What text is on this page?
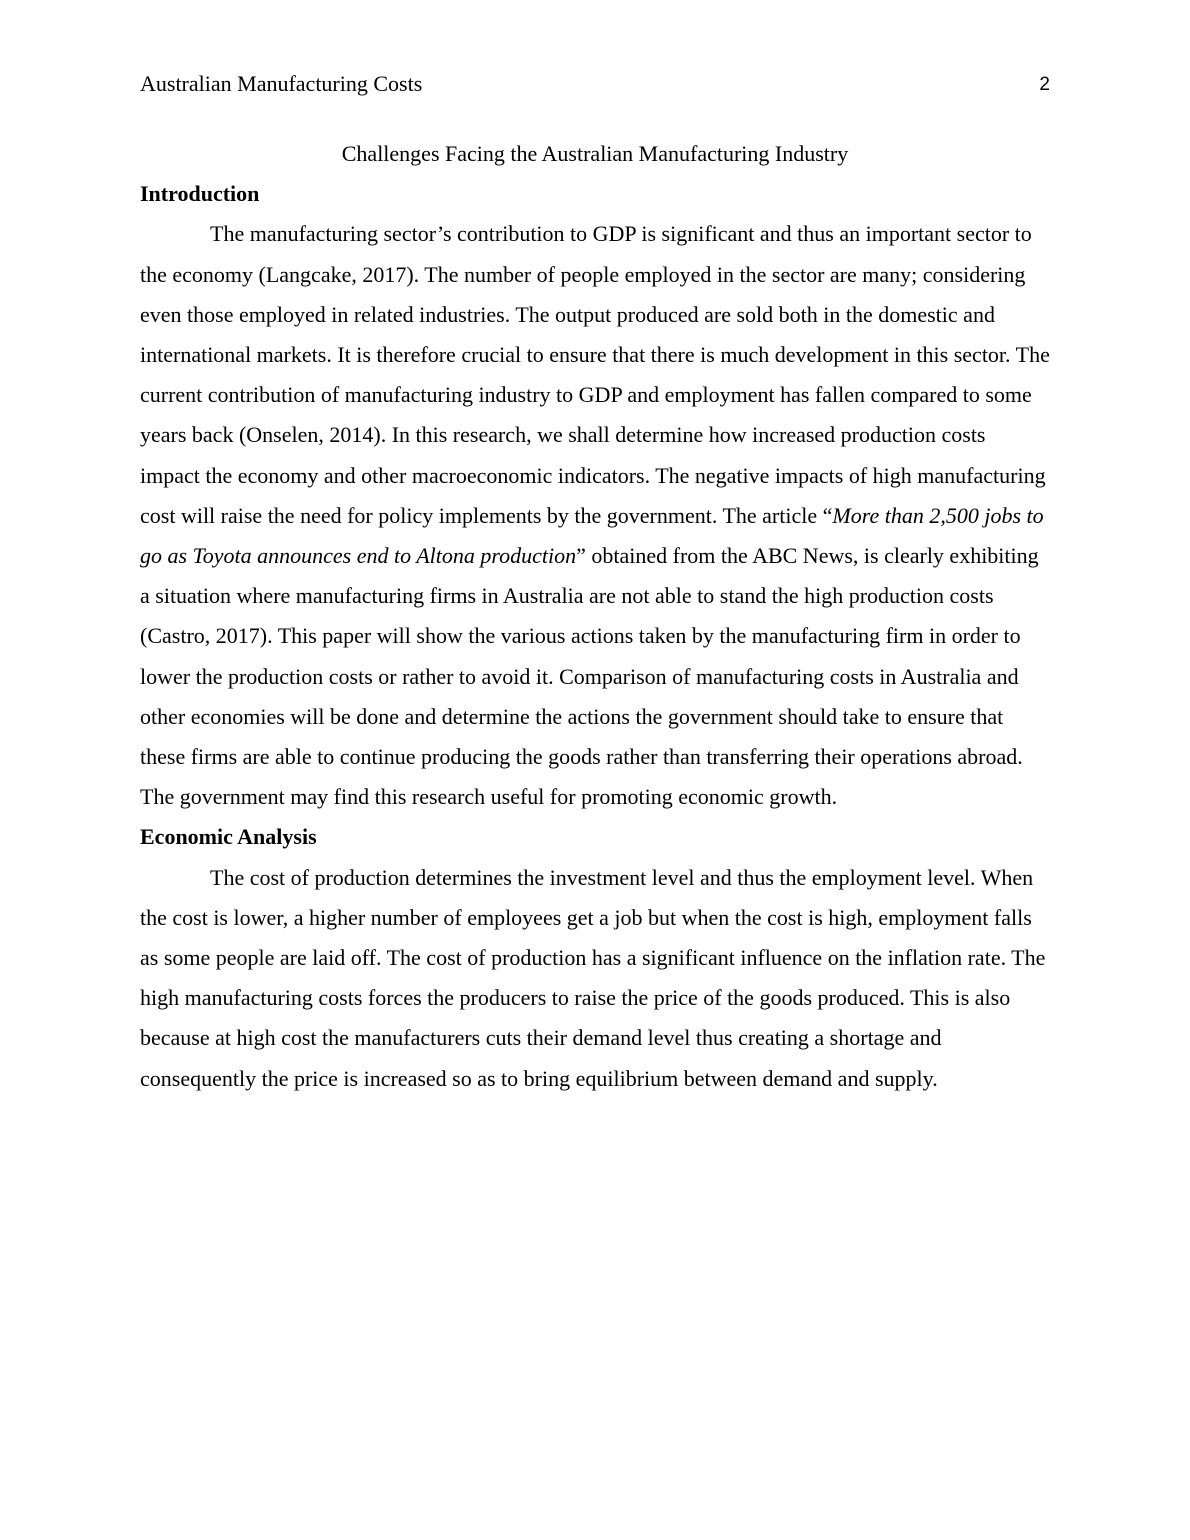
Australian Manufacturing Costs	2
Challenges Facing the Australian Manufacturing Industry
Introduction

The manufacturing sector’s contribution to GDP is significant and thus an important sector to the economy (Langcake, 2017). The number of people employed in the sector are many; considering even those employed in related industries. The output produced are sold both in the domestic and international markets. It is therefore crucial to ensure that there is much development in this sector. The current contribution of manufacturing industry to GDP and employment has fallen compared to some years back (Onselen, 2014). In this research, we shall determine how increased production costs impact the economy and other macroeconomic indicators. The negative impacts of high manufacturing cost will raise the need for policy implements by the government. The article “More than 2,500 jobs to go as Toyota announces end to Altona production” obtained from the ABC News, is clearly exhibiting a situation where manufacturing firms in Australia are not able to stand the high production costs (Castro, 2017). This paper will show the various actions taken by the manufacturing firm in order to lower the production costs or rather to avoid it. Comparison of manufacturing costs in Australia and other economies will be done and determine the actions the government should take to ensure that these firms are able to continue producing the goods rather than transferring their operations abroad. The government may find this research useful for promoting economic growth.

Economic Analysis

The cost of production determines the investment level and thus the employment level. When the cost is lower, a higher number of employees get a job but when the cost is high, employment falls as some people are laid off. The cost of production has a significant influence on the inflation rate. The high manufacturing costs forces the producers to raise the price of the goods produced. This is also because at high cost the manufacturers cuts their demand level thus creating a shortage and consequently the price is increased so as to bring equilibrium between demand and supply.
